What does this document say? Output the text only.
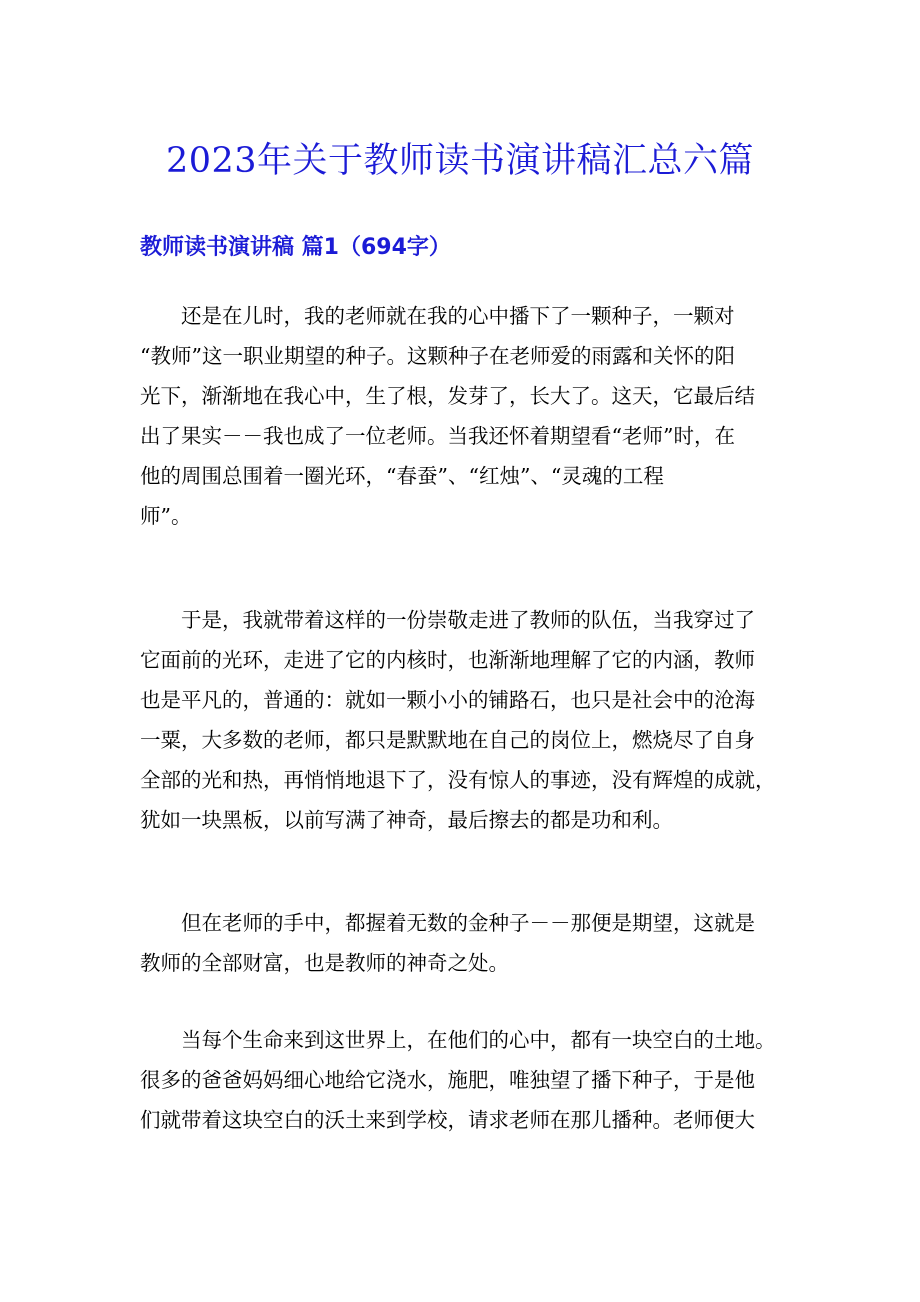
2023年关于教师读书演讲稿汇总六篇
教师读书演讲稿 篇1（694字）
　　还是在儿时，我的老师就在我的心中播下了一颗种子，一颗对
“教师”这一职业期望的种子。这颗种子在老师爱的雨露和关怀的阳
光下，渐渐地在我心中，生了根，发芽了，长大了。这天，它最后结
出了果实－－我也成了一位老师。当我还怀着期望看“老师”时，在
他的周围总围着一圈光环，“春蚕”、“红烛”、“灵魂的工程
师”。
　　于是，我就带着这样的一份崇敬走进了教师的队伍，当我穿过了
它面前的光环，走进了它的内核时，也渐渐地理解了它的内涵，教师
也是平凡的，普通的：就如一颗小小的铺路石，也只是社会中的沧海
一粟，大多数的老师，都只是默默地在自己的岗位上，燃烧尽了自身
全部的光和热，再悄悄地退下了，没有惊人的事迹，没有辉煌的成就，
犹如一块黑板，以前写满了神奇，最后擦去的都是功和利。
　　但在老师的手中，都握着无数的金种子－－那便是期望，这就是
教师的全部财富，也是教师的神奇之处。
　　当每个生命来到这世界上，在他们的心中，都有一块空白的土地。
很多的爸爸妈妈细心地给它浇水，施肥，唯独望了播下种子，于是他
们就带着这块空白的沃土来到学校，请求老师在那儿播种。老师便大
